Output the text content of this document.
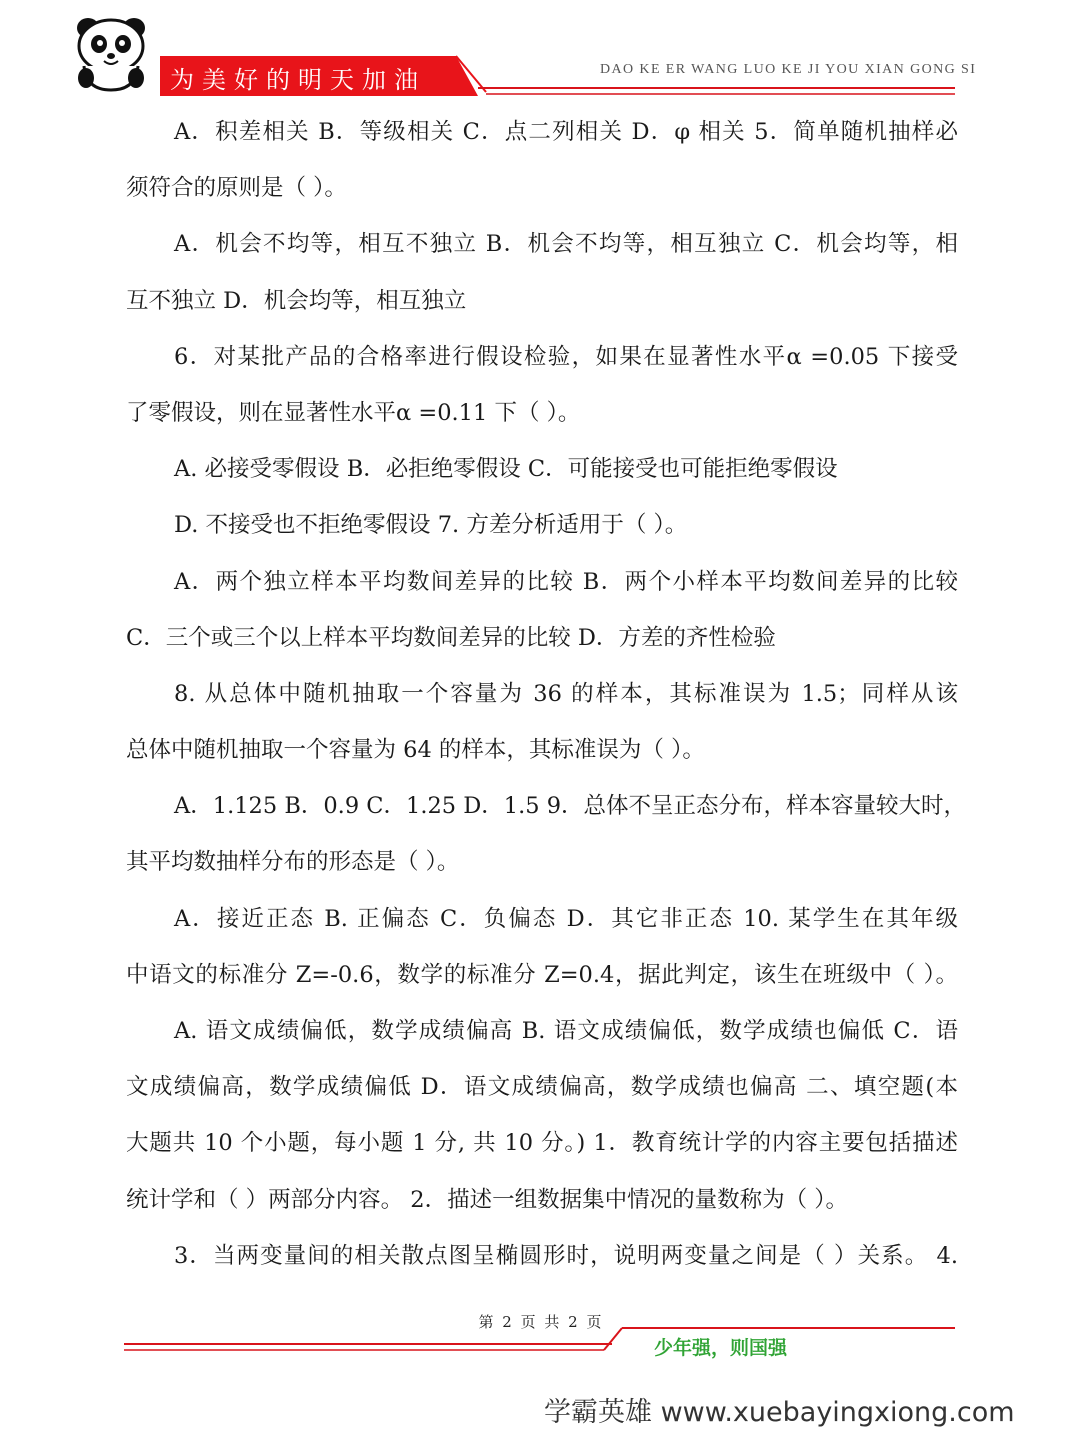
为美好的明天加油	DAO KE ER WANG LUO KE JI YOU XIAN GONG SI
A．积差相关 B．等级相关 C．点二列相关 D．φ 相关 5．简单随机抽样必
须符合的原则是（ ）。
A．机会不均等，相互不独立 B．机会不均等，相互独立 C．机会均等，相
互不独立 D．机会均等，相互独立
6．对某批产品的合格率进行假设检验，如果在显著性水平α =0.05 下接受
了零假设，则在显著性水平α =0.11 下（ ）。
A. 必接受零假设 B．必拒绝零假设 C．可能接受也可能拒绝零假设
D. 不接受也不拒绝零假设 7. 方差分析适用于（ ）。
A．两个独立样本平均数间差异的比较 B．两个小样本平均数间差异的比较
C．三个或三个以上样本平均数间差异的比较 D．方差的齐性检验
8. 从总体中随机抽取一个容量为 36 的样本，其标准误为 1.5；同样从该
总体中随机抽取一个容量为 64 的样本，其标准误为（ ）。
A．1.125 B．0.9 C．1.25 D．1.5 9．总体不呈正态分布，样本容量较大时，
其平均数抽样分布的形态是（ ）。
A．接近正态 B. 正偏态 C．负偏态 D．其它非正态 10. 某学生在其年级
中语文的标准分 Z=-0.6，数学的标准分 Z=0.4，据此判定，该生在班级中（ ）。
A. 语文成绩偏低，数学成绩偏高 B. 语文成绩偏低，数学成绩也偏低 C．语
文成绩偏高，数学成绩偏低 D．语文成绩偏高，数学成绩也偏高 二、填空题(本
大题共 10 个小题，每小题 1 分, 共 10 分。) 1．教育统计学的内容主要包括描述
统计学和（ ）两部分内容。 2．描述一组数据集中情况的量数称为（ ）。
3．当两变量间的相关散点图呈椭圆形时，说明两变量之间是（ ）关系。 4.
第 2 页 共 2 页
少年强，则国强
学霸英雄 www.xuebayingxiong.com
